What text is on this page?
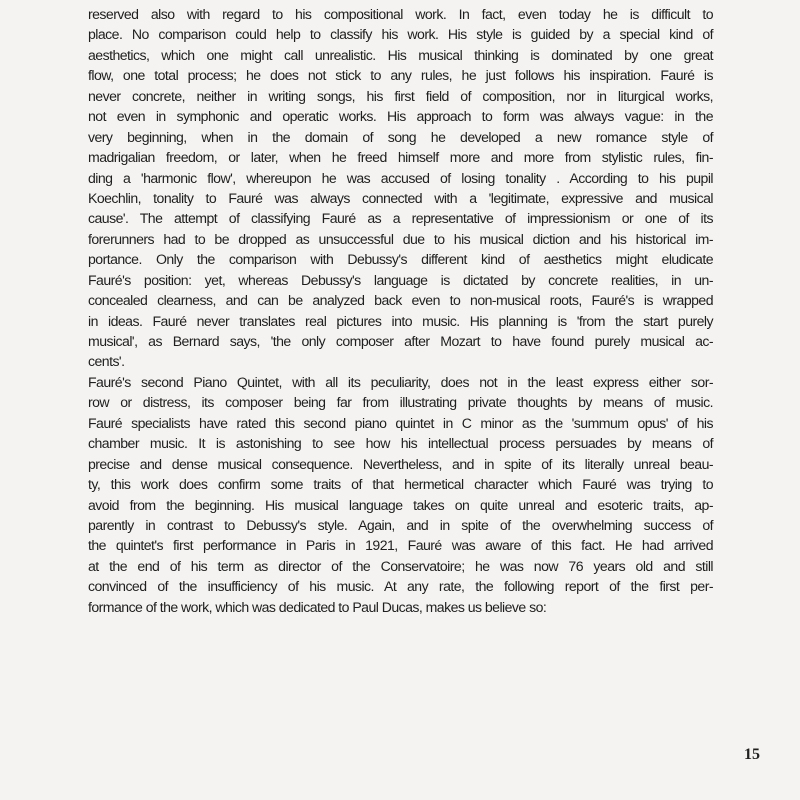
reserved also with regard to his compositional work. In fact, even today he is difficult to
place. No comparison could help to classify his work. His style is guided by a special kind of
aesthetics, which one might call unrealistic. His musical thinking is dominated by one great
flow, one total process; he does not stick to any rules, he just follows his inspiration. Fauré is
never concrete, neither in writing songs, his first field of composition, nor in liturgical works,
not even in symphonic and operatic works. His approach to form was always vague: in the
very beginning, when in the domain of song he developed a new romance style of
madrigalian freedom, or later, when he freed himself more and more from stylistic rules, fin-
ding a 'harmonic flow', whereupon he was accused of losing tonality . According to his pupil
Koechlin, tonality to Fauré was always connected with a 'legitimate, expressive and musical
cause'. The attempt of classifying Fauré as a representative of impressionism or one of its
forerunners had to be dropped as unsuccessful due to his musical diction and his historical im-
portance. Only the comparison with Debussy's different kind of aesthetics might eludicate
Fauré's position: yet, whereas Debussy's language is dictated by concrete realities, in un-
concealed clearness, and can be analyzed back even to non-musical roots, Fauré's is wrapped
in ideas. Fauré never translates real pictures into music. His planning is 'from the start purely
musical', as Bernard says, 'the only composer after Mozart to have found purely musical ac-
cents'.
Fauré's second Piano Quintet, with all its peculiarity, does not in the least express either sor-
row or distress, its composer being far from illustrating private thoughts by means of music.
Fauré specialists have rated this second piano quintet in C minor as the 'summum opus' of his
chamber music. It is astonishing to see how his intellectual process persuades by means of
precise and dense musical consequence. Nevertheless, and in spite of its literally unreal beau-
ty, this work does confirm some traits of that hermetical character which Fauré was trying to
avoid from the beginning. His musical language takes on quite unreal and esoteric traits, ap-
parently in contrast to Debussy's style. Again, and in spite of the overwhelming success of
the quintet's first performance in Paris in 1921, Fauré was aware of this fact. He had arrived
at the end of his term as director of the Conservatoire; he was now 76 years old and still
convinced of the insufficiency of his music. At any rate, the following report of the first per-
formance of the work, which was dedicated to Paul Ducas, makes us believe so:
15
